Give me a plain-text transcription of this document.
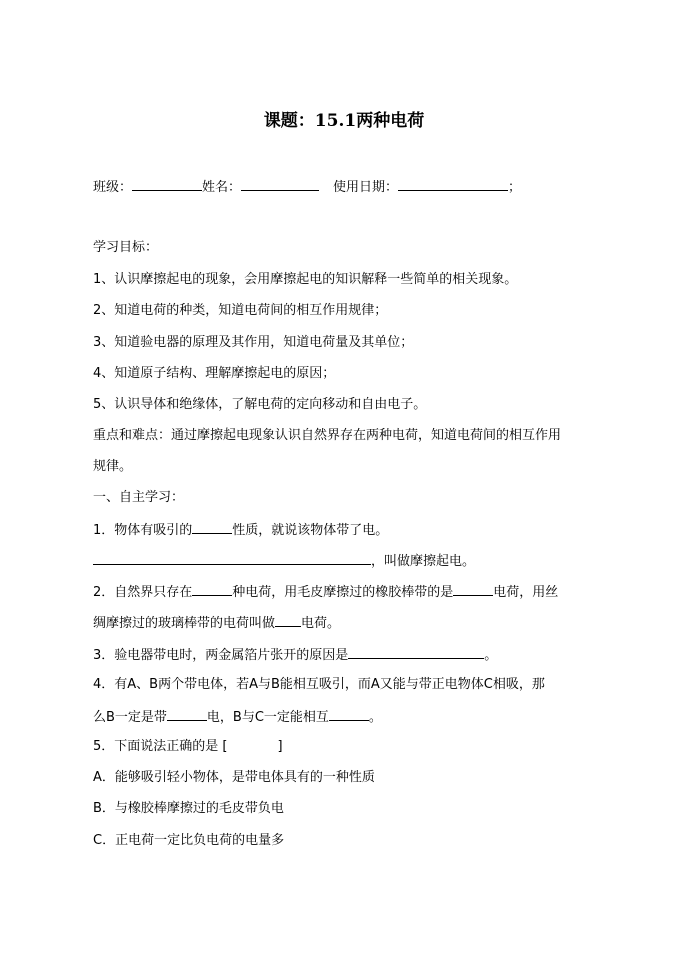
课题：15.1两种电荷
班级：	姓名：	使用日期：	；
学习目标：
1、认识摩擦起电的现象，会用摩擦起电的知识解释一些简单的相关现象。
2、知道电荷的种类，知道电荷间的相互作用规律；
3、知道验电器的原理及其作用，知道电荷量及其单位；
4、知道原子结构、理解摩擦起电的原因；
5、认识导体和绝缘体，了解电荷的定向移动和自由电子。
重点和难点：通过摩擦起电现象认识自然界存在两种电荷，知道电荷间的相互作用
规律。
一、自主学习：
1．物体有吸引的	性质，就说该物体带了电。
，叫做摩擦起电。
2．自然界只存在	种电荷，用毛皮摩擦过的橡胶棒带的是	电荷，用丝
绸摩擦过的玻璃棒带的电荷叫做 电荷。
3．验电器带电时，两金属箔片张开的原因是	。
4．有A、B两个带电体，若A与B能相互吸引，而A又能与带正电物体C相吸，那
么B一定是带	电，B与C一定能相互	。
5．下面说法正确的是 [	]
A．能够吸引轻小物体，是带电体具有的一种性质
B．与橡胶棒摩擦过的毛皮带负电
C．正电荷一定比负电荷的电量多
